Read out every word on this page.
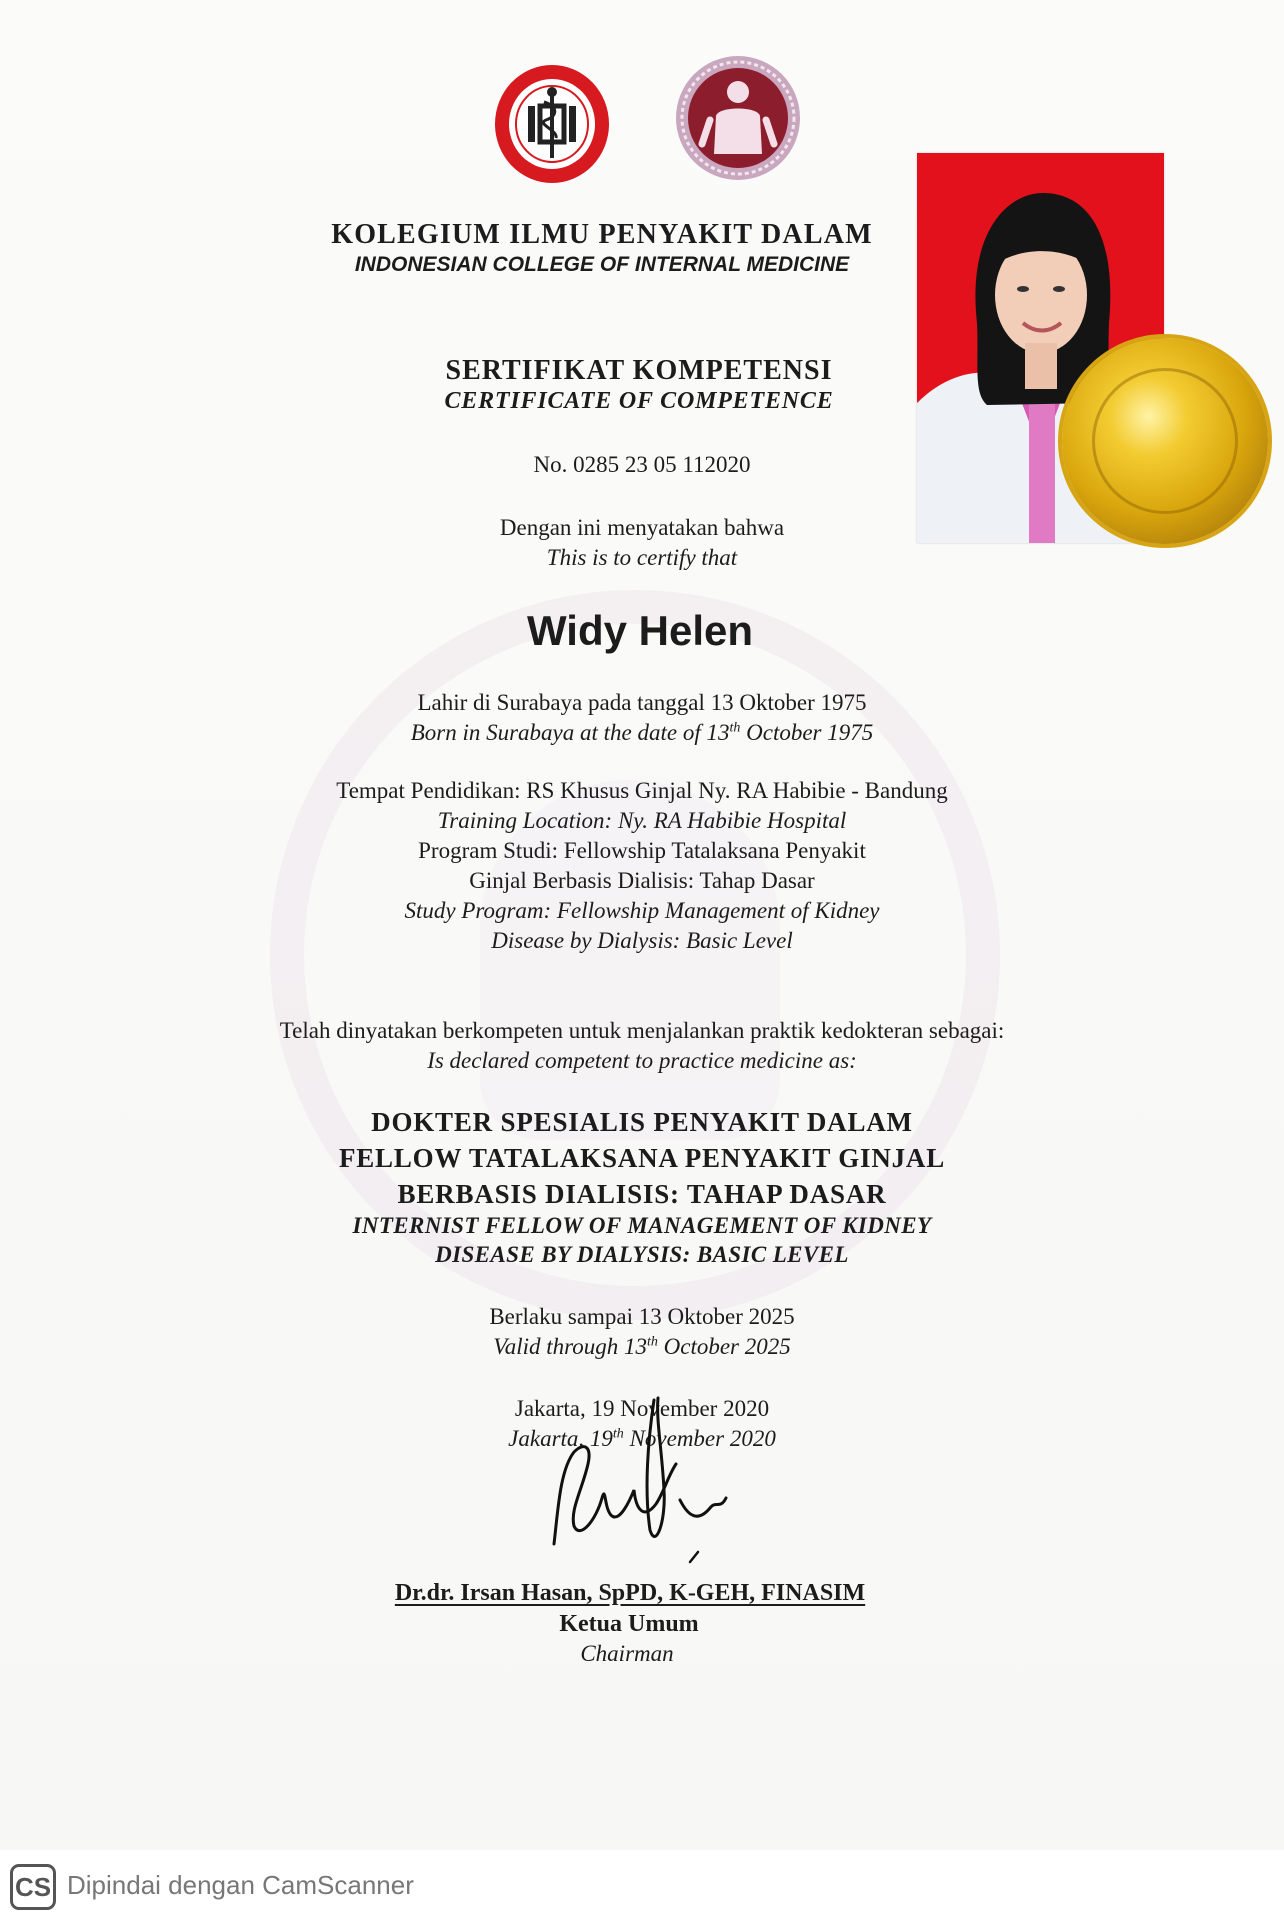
KOLEGIUM ILMU PENYAKIT DALAM
INDONESIAN COLLEGE OF INTERNAL MEDICINE
SERTIFIKAT KOMPETENSI
CERTIFICATE OF COMPETENCE
No. 0285 23 05 112020
Dengan ini menyatakan bahwa
This is to certify that
Widy Helen
Lahir di Surabaya pada tanggal 13 Oktober 1975
Born in Surabaya at the date of 13th October 1975
Tempat Pendidikan: RS Khusus Ginjal Ny. RA Habibie - Bandung
Training Location: Ny. RA Habibie Hospital
Program Studi: Fellowship Tatalaksana Penyakit
Ginjal Berbasis Dialisis: Tahap Dasar
Study Program: Fellowship Management of Kidney
Disease by Dialysis: Basic Level
Telah dinyatakan berkompeten untuk menjalankan praktik kedokteran sebagai:
Is declared competent to practice medicine as:
DOKTER SPESIALIS PENYAKIT DALAM
FELLOW TATALAKSANA PENYAKIT GINJAL
BERBASIS DIALISIS: TAHAP DASAR
INTERNIST FELLOW OF MANAGEMENT OF KIDNEY
DISEASE BY DIALYSIS: BASIC LEVEL
Berlaku sampai 13 Oktober 2025
Valid through 13th October 2025
Jakarta, 19 November 2020
Jakarta, 19th November 2020
Dr.dr. Irsan Hasan, SpPD, K-GEH, FINASIM
Ketua Umum
Chairman
CS Dipindai dengan CamScanner
